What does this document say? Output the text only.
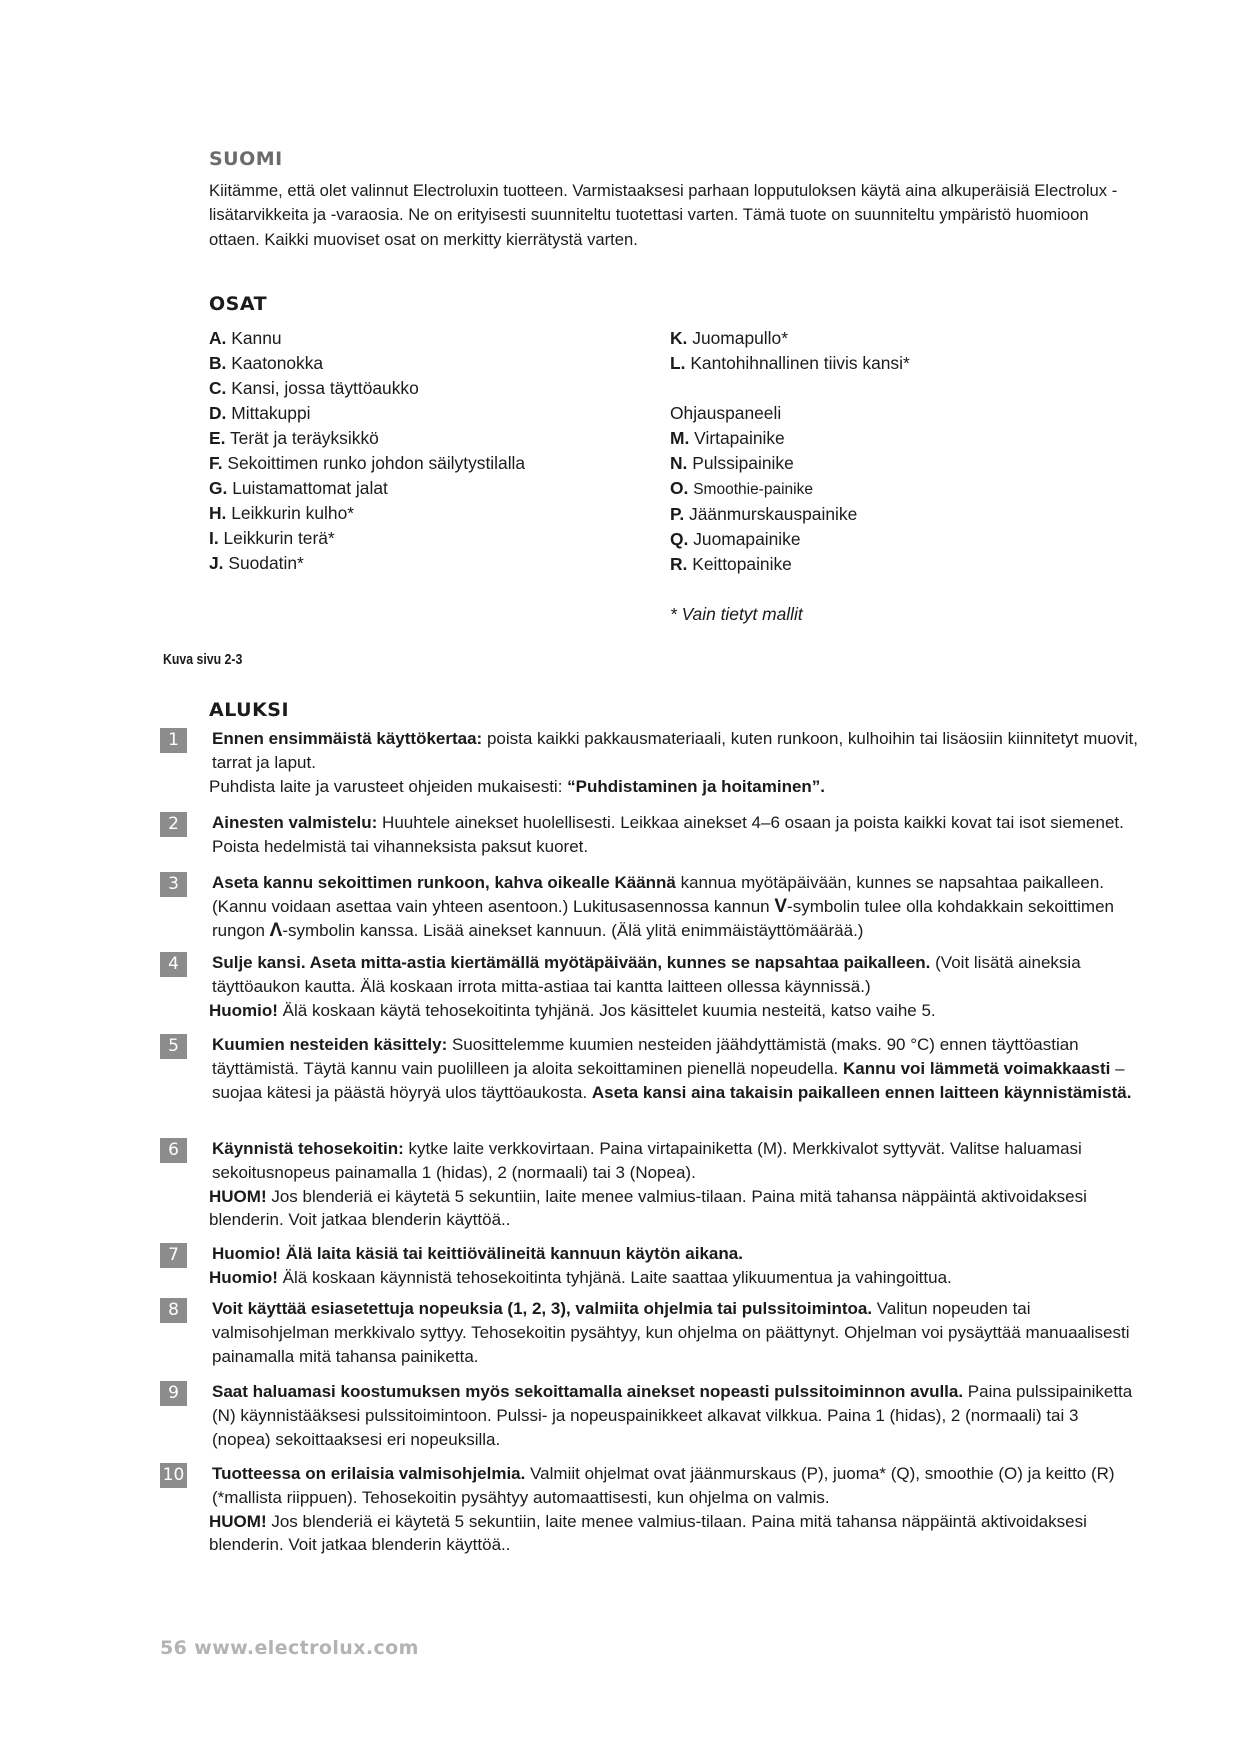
SUOMI

Kiitämme, että olet valinnut Electroluxin tuotteen. Varmistaaksesi parhaan lopputuloksen käytä aina alkuperäisiä Electrolux -lisätarvikkeita ja -varaosia. Ne on erityisesti suunniteltu tuotettasi varten. Tämä tuote on suunniteltu ympäristö huomioon ottaen. Kaikki muoviset osat on merkitty kierrätystä varten.

OSAT
A. Kannu
B. Kaatonokka
C. Kansi, jossa täyttöaukko
D. Mittakuppi
E. Terät ja teräyksikkö
F. Sekoittimen runko johdon säilytystilalla
G. Luistamattomat jalat
H. Leikkurin kulho*
I. Leikkurin terä*
J. Suodatin*
K. Juomapullo*
L. Kantohihnallinen tiivis kansi*

Ohjauspaneeli
M. Virtapainike
N. Pulssipainike
O. Smoothie-painike
P. Jäänmurskauspainike
Q. Juomapainike
R. Keittopainike

* Vain tietyt mallit
Kuva sivu 2-3
ALUKSI
1	Ennen ensimmäistä käyttökertaa: poista kaikki pakkausmateriaali, kuten runkoon, kulhoihin tai lisäosiin kiinnitetyt muovit, tarrat ja laput.

Puhdista laite ja varusteet ohjeiden mukaisesti: “Puhdistaminen ja hoitaminen”.

2	Ainesten valmistelu: Huuhtele ainekset huolellisesti. Leikkaa ainekset 4–6 osaan ja poista kaikki kovat tai isot siemenet. Poista hedelmistä tai vihanneksista paksut kuoret.

3	Aseta kannu sekoittimen runkoon, kahva oikealle Käännä kannua myötäpäivään, kunnes se napsahtaa paikalleen. (Kannu voidaan asettaa vain yhteen asentoon.) Lukitusasennossa kannun V-symbolin tulee olla kohdakkain sekoittimen rungon Λ-symbolin kanssa. Lisää ainekset kannuun. (Älä ylitä enimmäistäyttömäärää.)

4	Sulje kansi. Aseta mitta-astia kiertämällä myötäpäivään, kunnes se napsahtaa paikalleen. (Voit lisätä aineksia täyttöaukon kautta. Älä koskaan irrota mitta-astiaa tai kantta laitteen ollessa käynnissä.)

Huomio! Älä koskaan käytä tehosekoitinta tyhjänä. Jos käsittelet kuumia nesteitä, katso vaihe 5.

5	Kuumien nesteiden käsittely: Suosittelemme kuumien nesteiden jäähdyttämistä (maks. 90 °C) ennen täyttöastian täyttämistä. Täytä kannu vain puolilleen ja aloita sekoittaminen pienellä nopeudella. Kannu voi lämmetä voimakkaasti – suojaa kätesi ja päästä höyryä ulos täyttöaukosta. Aseta kansi aina takaisin paikalleen ennen laitteen käynnistämistä.

6	Käynnistä tehosekoitin: kytke laite verkkovirtaan. Paina virtapainiketta (M). Merkkivalot syttyvät. Valitse haluamasi sekoitusnopeus painamalla 1 (hidas), 2 (normaali) tai 3 (Nopea).

HUOM! Jos blenderiä ei käytetä 5 sekuntiin, laite menee valmius-tilaan. Paina mitä tahansa näppäintä aktivoidaksesi blenderin. Voit jatkaa blenderin käyttöä..

7	Huomio! Älä laita käsiä tai keittiövälineitä kannuun käytön aikana.

Huomio! Älä koskaan käynnistä tehosekoitinta tyhjänä. Laite saattaa ylikuumentua ja vahingoittua.

8	Voit käyttää esiasetettuja nopeuksia (1, 2, 3), valmiita ohjelmia tai pulssitoimintoa. Valitun nopeuden tai valmisohjelman merkkivalo syttyy. Tehosekoitin pysähtyy, kun ohjelma on päättynyt. Ohjelman voi pysäyttää manuaalisesti painamalla mitä tahansa painiketta.

9	Saat haluamasi koostumuksen myös sekoittamalla ainekset nopeasti pulssitoiminnon avulla. Paina pulssipainiketta (N) käynnistääksesi pulssitoimintoon. Pulssi- ja nopeuspainikkeet alkavat vilkkua. Paina 1 (hidas), 2 (normaali) tai 3 (nopea) sekoittaaksesi eri nopeuksilla.

10 Tuotteessa on erilaisia valmisohjelmia. Valmiit ohjelmat ovat jäänmurskaus (P), juoma* (Q), smoothie (O) ja keitto (R) (*mallista riippuen). Tehosekoitin pysähtyy automaattisesti, kun ohjelma on valmis.

HUOM! Jos blenderiä ei käytetä 5 sekuntiin, laite menee valmius-tilaan. Paina mitä tahansa näppäintä aktivoidaksesi blenderin. Voit jatkaa blenderin käyttöä..

56 www.electrolux.com
